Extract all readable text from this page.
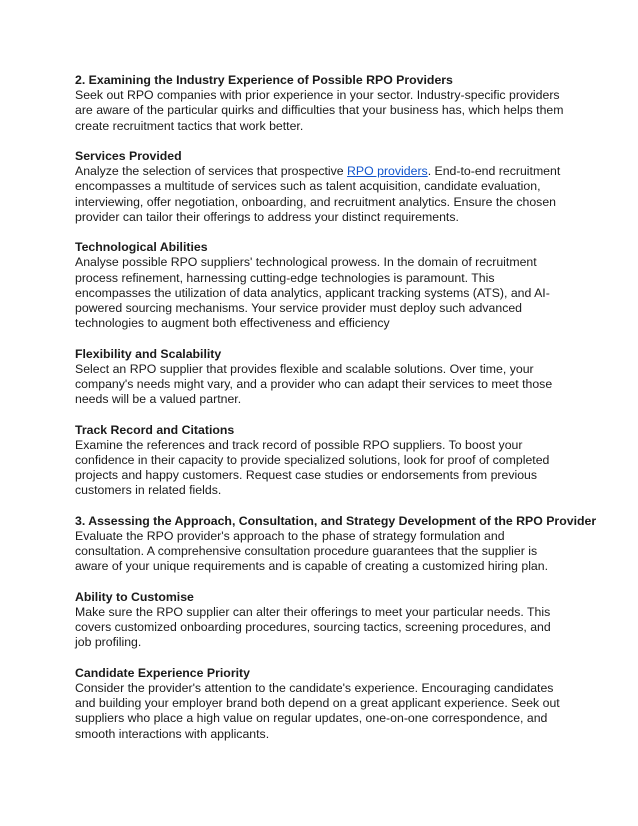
2. Examining the Industry Experience of Possible RPO Providers

Seek out RPO companies with prior experience in your sector. Industry-specific providers are aware of the particular quirks and difficulties that your business has, which helps them create recruitment tactics that work better.

Services Provided

Analyze the selection of services that prospective RPO providers. End-to-end recruitment encompasses a multitude of services such as talent acquisition, candidate evaluation, interviewing, offer negotiation, onboarding, and recruitment analytics. Ensure the chosen provider can tailor their offerings to address your distinct requirements.

Technological Abilities

Analyse possible RPO suppliers' technological prowess. In the domain of recruitment process refinement, harnessing cutting-edge technologies is paramount. This encompasses the utilization of data analytics, applicant tracking systems (ATS), and AI-powered sourcing mechanisms. Your service provider must deploy such advanced technologies to augment both effectiveness and efficiency

Flexibility and Scalability

Select an RPO supplier that provides flexible and scalable solutions. Over time, your company's needs might vary, and a provider who can adapt their services to meet those needs will be a valued partner.

Track Record and Citations

Examine the references and track record of possible RPO suppliers. To boost your confidence in their capacity to provide specialized solutions, look for proof of completed projects and happy customers. Request case studies or endorsements from previous customers in related fields.

3. Assessing the Approach, Consultation, and Strategy Development of the RPO Provider

Evaluate the RPO provider's approach to the phase of strategy formulation and consultation. A comprehensive consultation procedure guarantees that the supplier is aware of your unique requirements and is capable of creating a customized hiring plan.

Ability to Customise

Make sure the RPO supplier can alter their offerings to meet your particular needs. This covers customized onboarding procedures, sourcing tactics, screening procedures, and job profiling.

Candidate Experience Priority

Consider the provider's attention to the candidate's experience. Encouraging candidates and building your employer brand both depend on a great applicant experience. Seek out suppliers who place a high value on regular updates, one-on-one correspondence, and smooth interactions with applicants.
